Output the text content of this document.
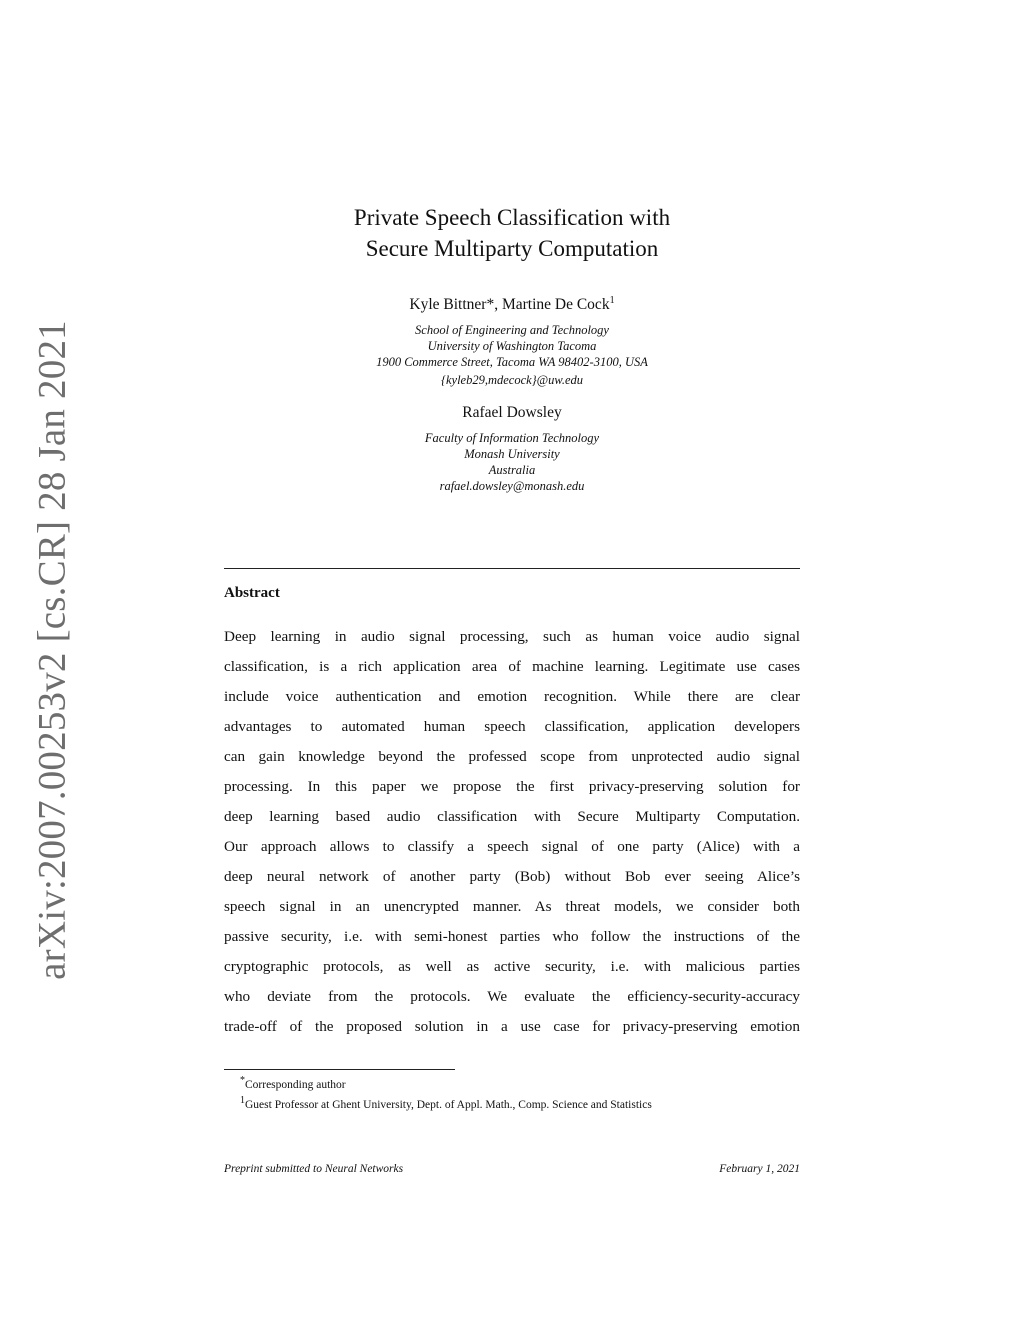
arXiv:2007.00253v2 [cs.CR] 28 Jan 2021
Private Speech Classification with
Secure Multiparty Computation
Kyle Bittner*, Martine De Cock$^1$
School of Engineering and Technology
University of Washington Tacoma
1900 Commerce Street, Tacoma WA 98402-3100, USA
{kyleb29,mdecock}@uw.edu
Rafael Dowsley
Faculty of Information Technology
Monash University
Australia
rafael.dowsley@monash.edu
Abstract
Deep learning in audio signal processing, such as human voice audio signal
classification, is a rich application area of machine learning. Legitimate use cases
include voice authentication and emotion recognition. While there are clear
advantages to automated human speech classification, application developers
can gain knowledge beyond the professed scope from unprotected audio signal
processing. In this paper we propose the first privacy-preserving solution for
deep learning based audio classification with Secure Multiparty Computation.
Our approach allows to classify a speech signal of one party (Alice) with a
deep neural network of another party (Bob) without Bob ever seeing Alice’s
speech signal in an unencrypted manner. As threat models, we consider both
passive security, i.e. with semi-honest parties who follow the instructions of the
cryptographic protocols, as well as active security, i.e. with malicious parties
who deviate from the protocols. We evaluate the efficiency-security-accuracy
trade-off of the proposed solution in a use case for privacy-preserving emotion
*Corresponding author
$^1$Guest Professor at Ghent University, Dept. of Appl. Math., Comp. Science and Statistics
Preprint submitted to Neural Networks	February 1, 2021
